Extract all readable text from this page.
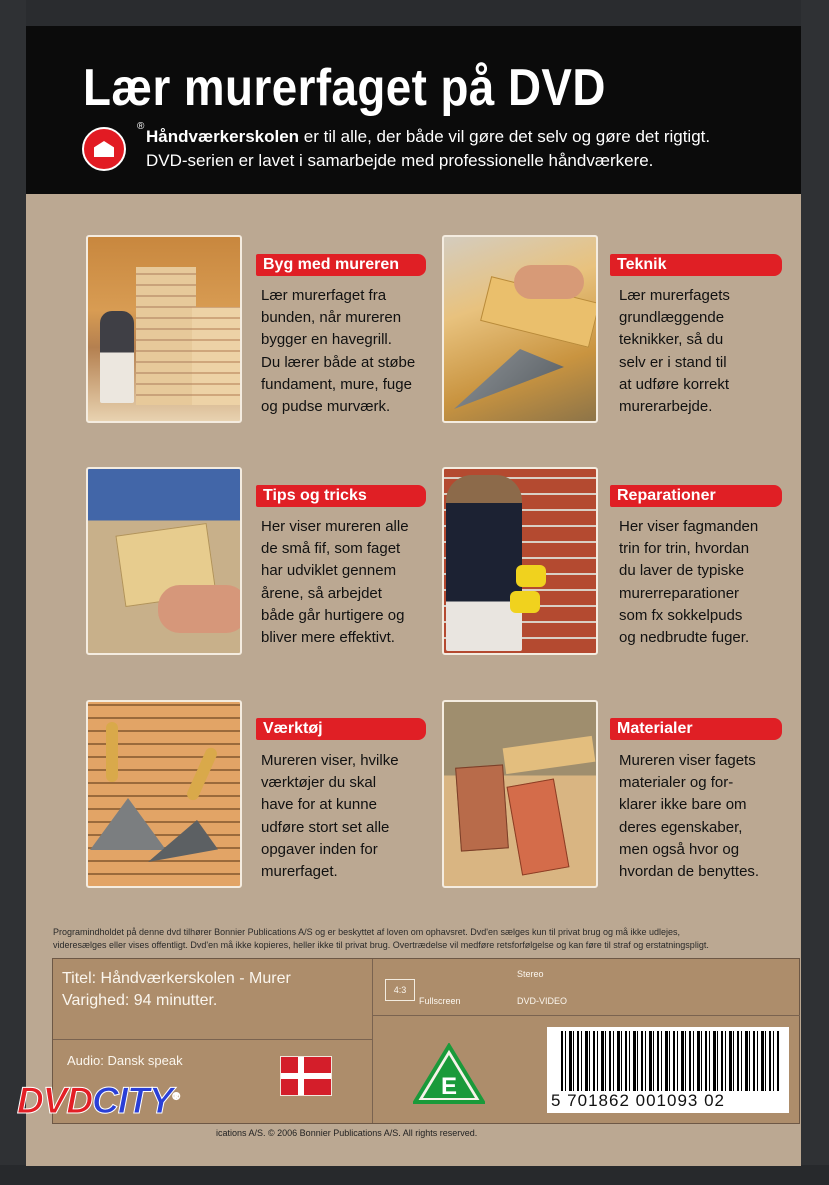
Lær murerfaget på DVD
®
Håndværkerskolen er til alle, der både vil gøre det selv og gøre det rigtigt.
DVD-serien er lavet i samarbejde med professionelle håndværkere.
Byg med mureren
Lær murerfaget fra
bunden, når mureren
bygger en havegrill.
Du lærer både at støbe
fundament, mure, fuge
og pudse murværk.
Teknik
Lær murerfagets
grundlæggende
teknikker, så du
selv er i stand til
at udføre korrekt
murerarbejde.
Tips og tricks
Her viser mureren alle
de små fif, som faget
har udviklet gennem
årene, så arbejdet
både går hurtigere og
bliver mere effektivt.
Reparationer
Her viser fagmanden
trin for trin, hvordan
du laver de typiske
murerreparationer
som fx sokkelpuds
og nedbrudte fuger.
Værktøj
Mureren viser, hvilke
værktøjer du skal
have for at kunne
udføre stort set alle
opgaver inden for
murerfaget.
Materialer
Mureren viser fagets
materialer og for-
klarer ikke bare om
deres egenskaber,
men også hvor og
hvordan de benyttes.
Programindholdet på denne dvd tilhører Bonnier Publications A/S og er beskyttet af loven om ophavsret. Dvd'en sælges kun til privat brug og må ikke udlejes,
videresælges eller vises offentligt. Dvd'en må ikke kopieres, heller ikke til privat brug. Overtrædelse vil medføre retsforfølgelse og kan føre til straf og erstatningspligt.
Titel: Håndværkerskolen - Murer
Varighed: 94 minutter.
Audio: Dansk speak
4:3
Fullscreen
Stereo
DVD-VIDEO
E
5 701862 001093 02
ications A/S. © 2006 Bonnier Publications A/S. All rights reserved.
DVDCITY®
